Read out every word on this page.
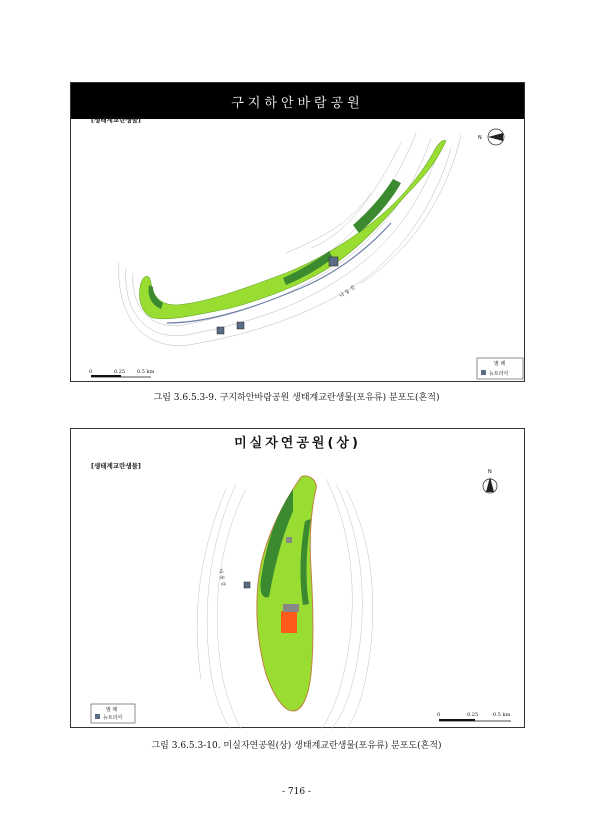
구지하안바람공원
[생태계교란생물]
낙 동 강
N
0	0.25 0.5 km
범 례
뉴트리아
그림 3.6.5.3-9. 구지하안바람공원 생태계교란생물(포유류) 분포도(혼적)
미실자연공원(상)
[생태계교란생물]
낙 동 강
N
범 례
뉴트리아	0	0.25	0.5 km
그림 3.6.5.3-10. 미실자연공원(상) 생태계교란생물(포유류) 분포도(혼적)
- 716 -
